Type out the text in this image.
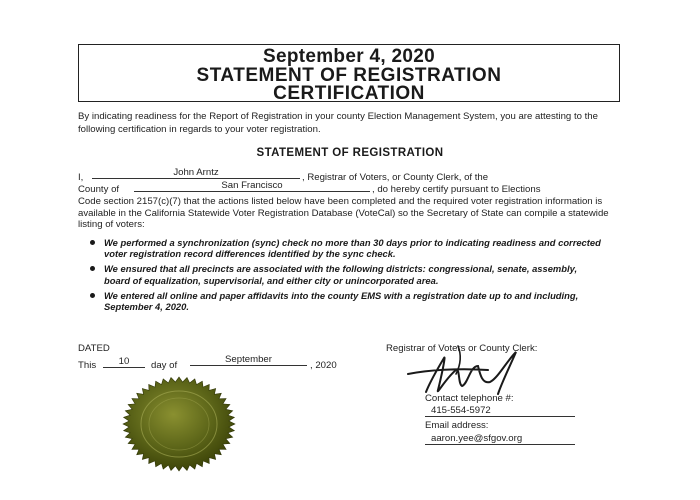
September 4, 2020
STATEMENT OF REGISTRATION
CERTIFICATION
By indicating readiness for the Report of Registration in your county Election Management System, you are attesting to the following certification in regards to your voter registration.
STATEMENT OF REGISTRATION
I,	John Arntz	, Registrar of Voters, or County Clerk, of the
County of	San Francisco	, do hereby certify pursuant to Elections
Code section 2157(c)(7) that the actions listed below have been completed and the required voter registration information is available in the California Statewide Voter Registration Database (VoteCal) so the Secretary of State can compile a statewide listing of voters:
We performed a synchronization (sync) check no more than 30 days prior to indicating readiness and corrected voter registration record differences identified by the sync check.
We ensured that all precincts are associated with the following districts: congressional, senate, assembly, board of equalization, supervisorial, and either city or unincorporated area.
We entered all online and paper affidavits into the county EMS with a registration date up to and including, September 4, 2020.
DATED
This	10	day of
September
, 2020
Registrar of Voters or County Clerk:
Contact telephone #:
415-554-5972
Email address:
aaron.yee@sfgov.org
